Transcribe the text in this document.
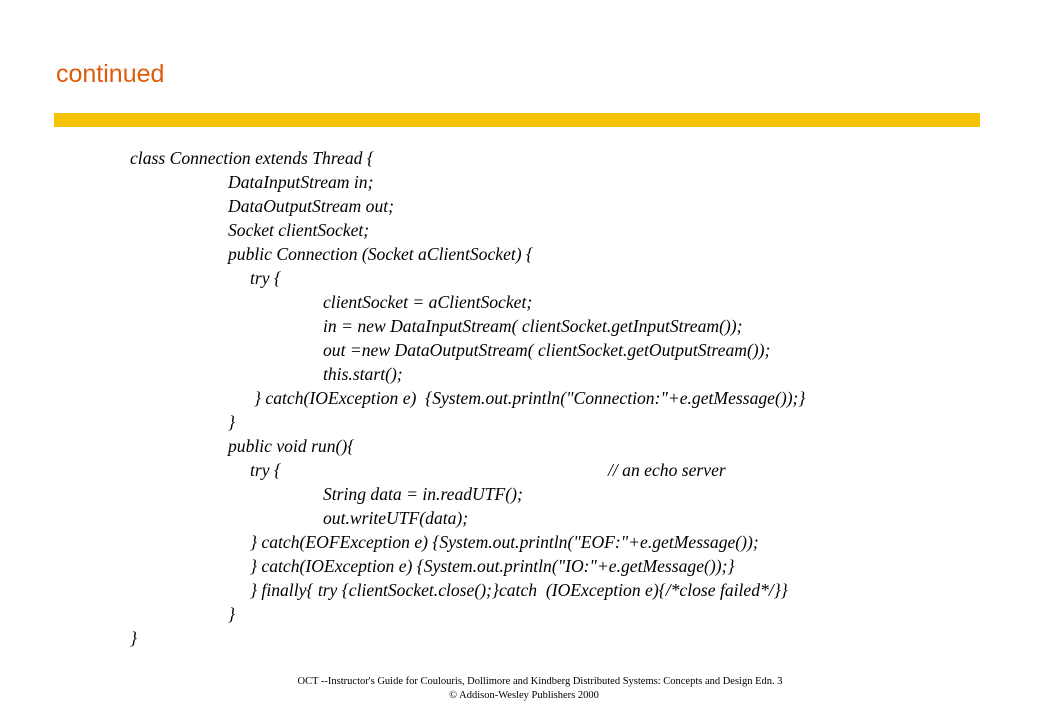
continued
class Connection extends Thread {
DataInputStream in;
DataOutputStream out;
Socket clientSocket;
public Connection (Socket aClientSocket) {
try {
clientSocket = aClientSocket;
in = new DataInputStream( clientSocket.getInputStream());
out =new DataOutputStream( clientSocket.getOutputStream());
this.start();
} catch(IOException e)  {System.out.println("Connection:"+e.getMessage());}
}
public void run(){
try {	// an echo server
String data = in.readUTF();
out.writeUTF(data);
} catch(EOFException e) {System.out.println("EOF:"+e.getMessage());
} catch(IOException e) {System.out.println("IO:"+e.getMessage());}
} finally{ try {clientSocket.close();}catch  (IOException e){/*close failed*/}}
}
}
OCT --Instructor's Guide for Coulouris, Dollimore and Kindberg Distributed Systems: Concepts and Design Edn. 3
© Addison-Wesley Publishers 2000
